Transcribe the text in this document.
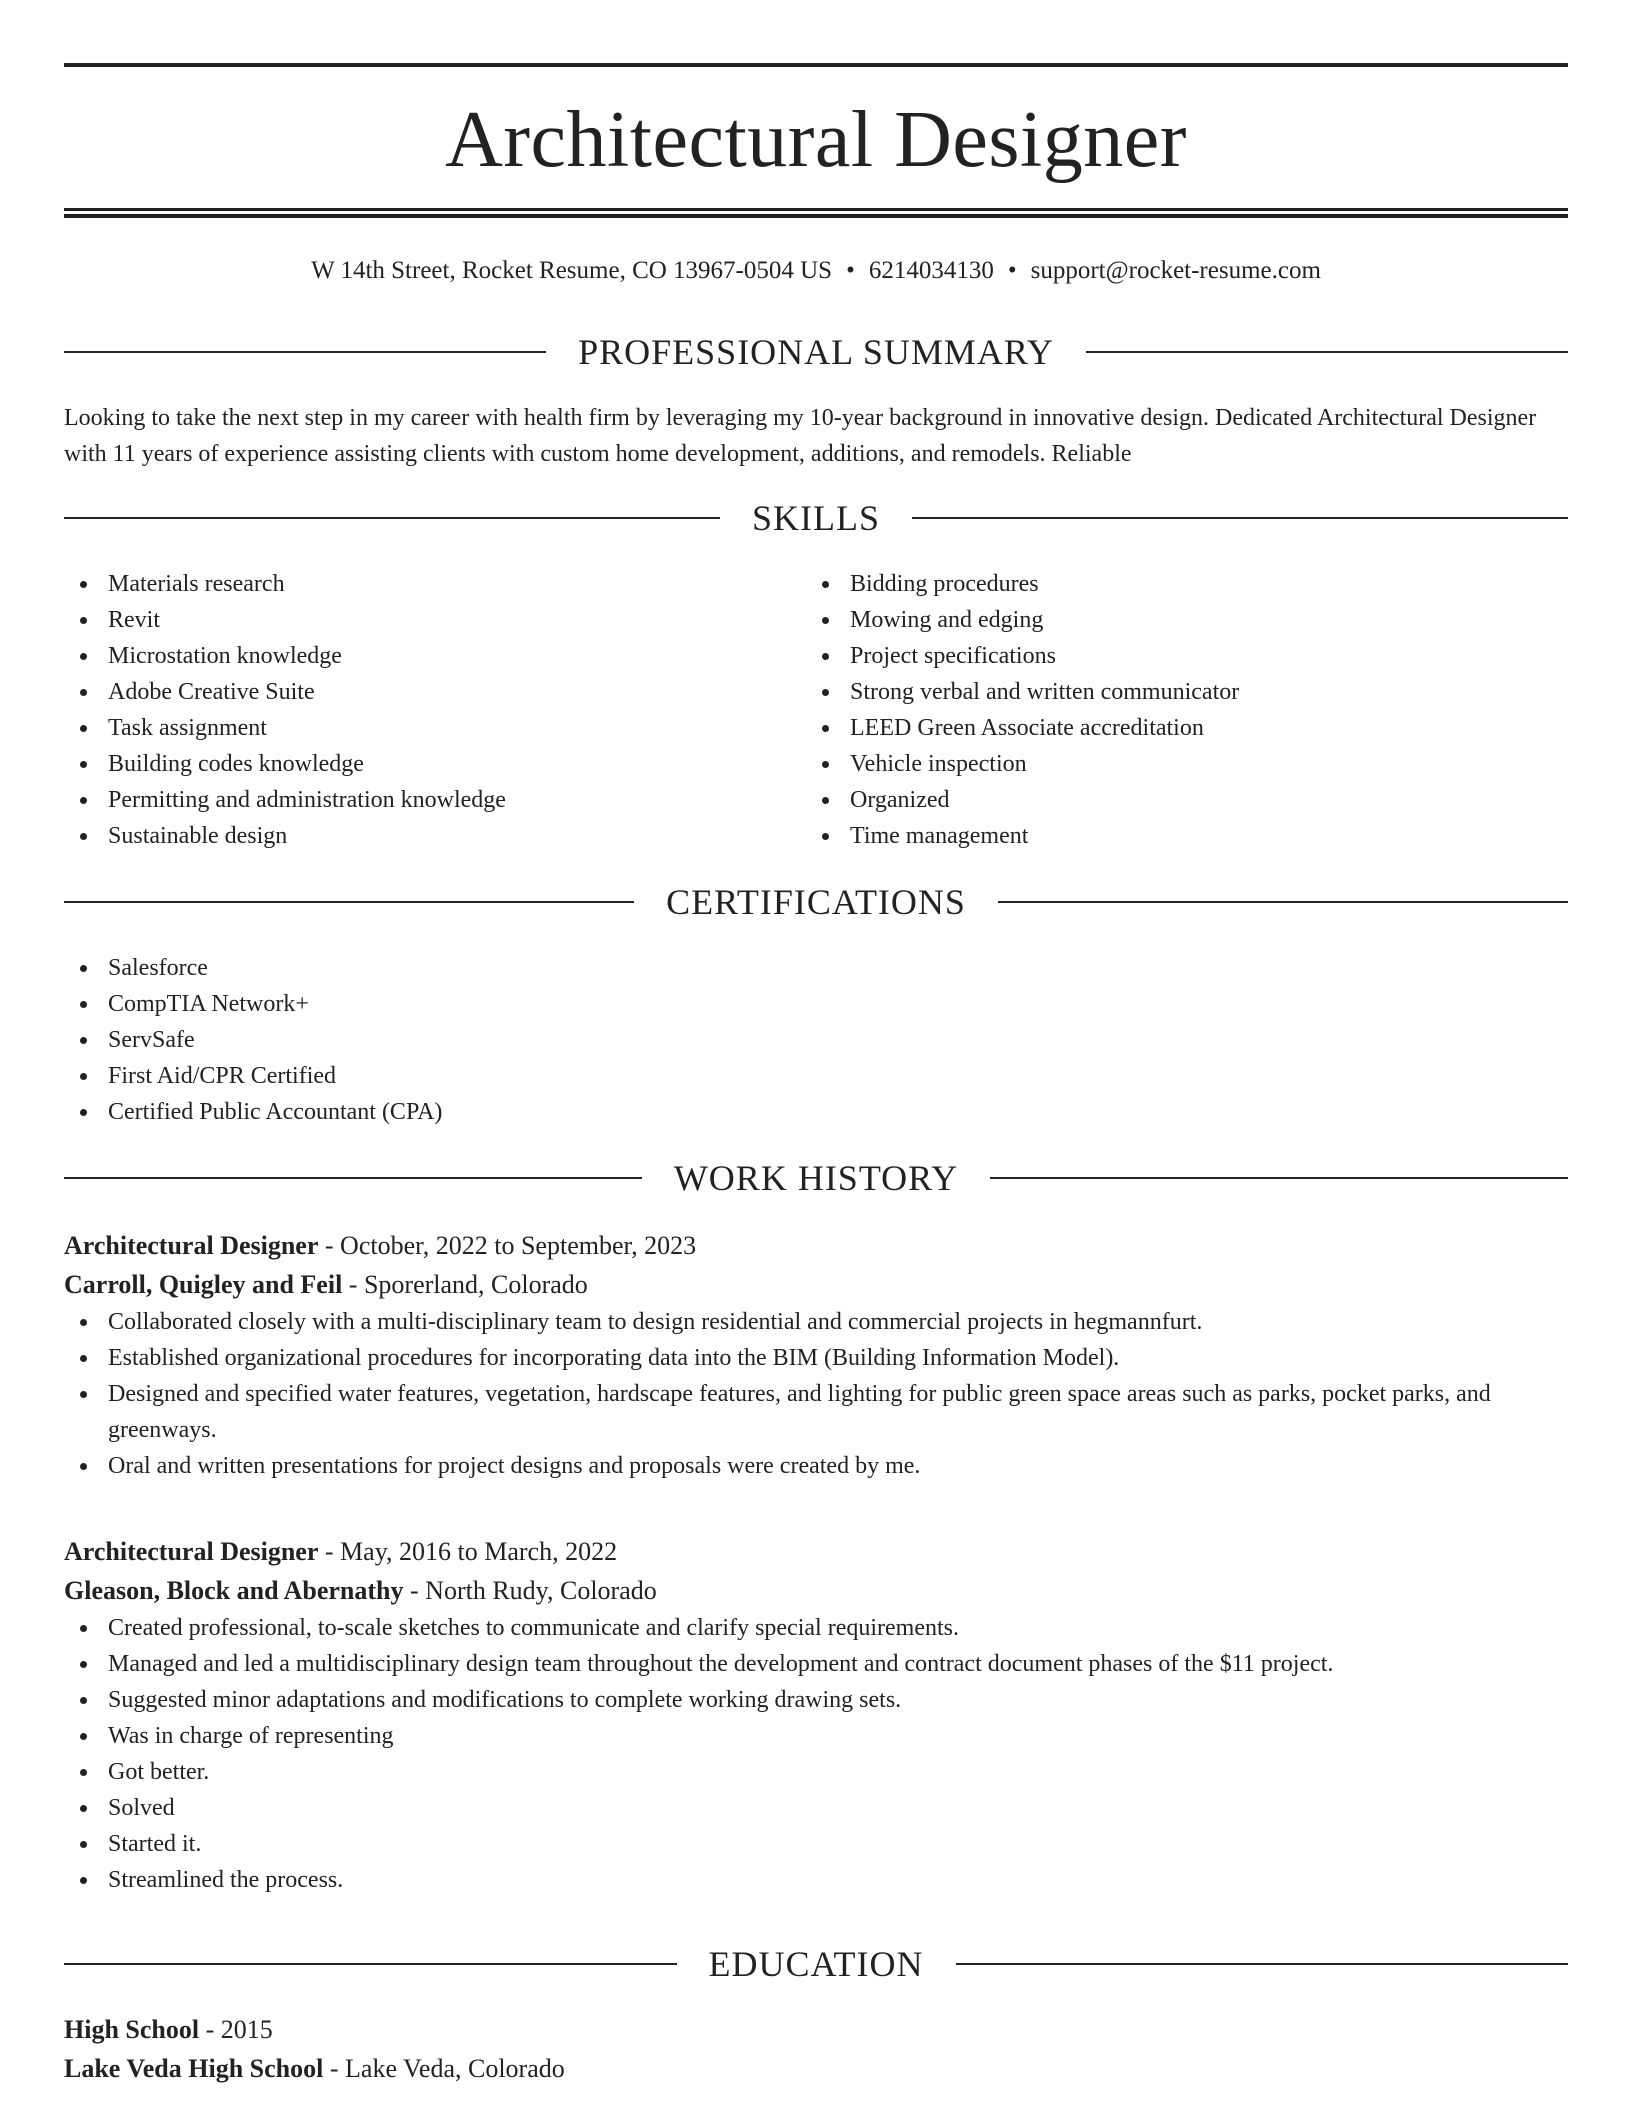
Architectural Designer
W 14th Street, Rocket Resume, CO 13967-0504 US • 6214034130 • support@rocket-resume.com
PROFESSIONAL SUMMARY
Looking to take the next step in my career with health firm by leveraging my 10-year background in innovative design. Dedicated Architectural Designer with 11 years of experience assisting clients with custom home development, additions, and remodels. Reliable
SKILLS
Materials research
Revit
Microstation knowledge
Adobe Creative Suite
Task assignment
Building codes knowledge
Permitting and administration knowledge
Sustainable design
Bidding procedures
Mowing and edging
Project specifications
Strong verbal and written communicator
LEED Green Associate accreditation
Vehicle inspection
Organized
Time management
CERTIFICATIONS
Salesforce
CompTIA Network+
ServSafe
First Aid/CPR Certified
Certified Public Accountant (CPA)
WORK HISTORY
Architectural Designer - October, 2022 to September, 2023
Carroll, Quigley and Feil - Sporerland, Colorado
Collaborated closely with a multi-disciplinary team to design residential and commercial projects in hegmannfurt.
Established organizational procedures for incorporating data into the BIM (Building Information Model).
Designed and specified water features, vegetation, hardscape features, and lighting for public green space areas such as parks, pocket parks, and greenways.
Oral and written presentations for project designs and proposals were created by me.
Architectural Designer - May, 2016 to March, 2022
Gleason, Block and Abernathy - North Rudy, Colorado
Created professional, to-scale sketches to communicate and clarify special requirements.
Managed and led a multidisciplinary design team throughout the development and contract document phases of the $11 project.
Suggested minor adaptations and modifications to complete working drawing sets.
Was in charge of representing
Got better.
Solved
Started it.
Streamlined the process.
EDUCATION
High School - 2015
Lake Veda High School - Lake Veda, Colorado
